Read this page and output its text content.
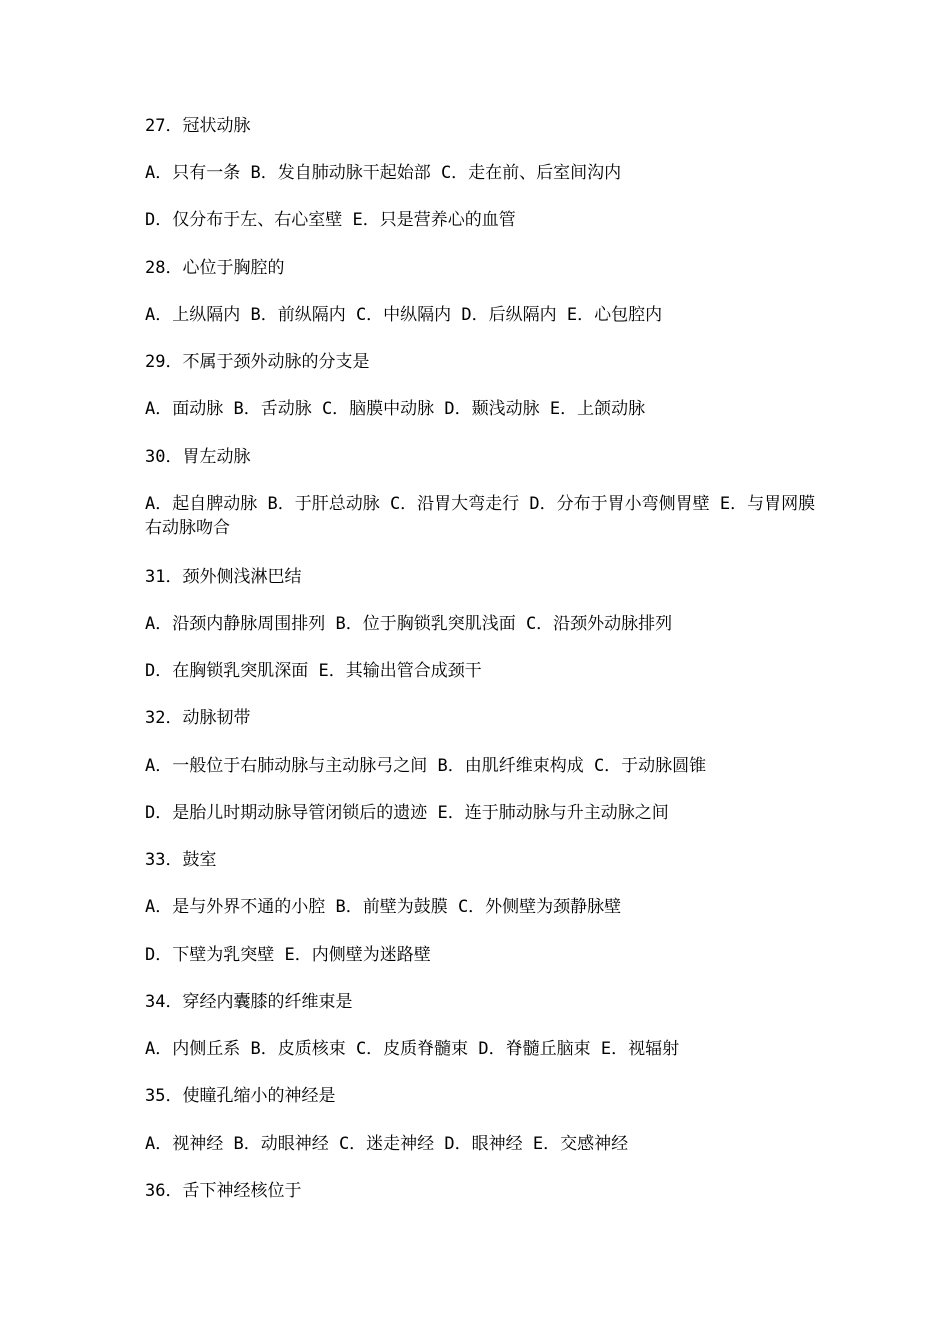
27．冠状动脉
A．只有一条 B．发自肺动脉干起始部 C．走在前、后室间沟内
D．仅分布于左、右心室壁 E．只是营养心的血管
28．心位于胸腔的
A．上纵隔内 B．前纵隔内 C．中纵隔内 D．后纵隔内 E．心包腔内
29．不属于颈外动脉的分支是
A．面动脉 B．舌动脉 C．脑膜中动脉 D．颞浅动脉 E．上颌动脉
30．胃左动脉
A．起自脾动脉 B．于肝总动脉 C．沿胃大弯走行 D．分布于胃小弯侧胃壁 E．与胃网膜右动脉吻合
31．颈外侧浅淋巴结
A．沿颈内静脉周围排列 B．位于胸锁乳突肌浅面 C．沿颈外动脉排列
D．在胸锁乳突肌深面 E．其输出管合成颈干
32．动脉韧带
A．一般位于右肺动脉与主动脉弓之间 B．由肌纤维束构成 C．于动脉圆锥
D．是胎儿时期动脉导管闭锁后的遗迹 E．连于肺动脉与升主动脉之间
33．鼓室
A．是与外界不通的小腔 B．前壁为鼓膜 C．外侧壁为颈静脉壁
D．下壁为乳突壁 E．内侧壁为迷路壁
34．穿经内囊膝的纤维束是
A．内侧丘系 B．皮质核束 C．皮质脊髓束 D．脊髓丘脑束 E．视辐射
35．使瞳孔缩小的神经是
A．视神经 B．动眼神经 C．迷走神经 D．眼神经 E．交感神经
36．舌下神经核位于
